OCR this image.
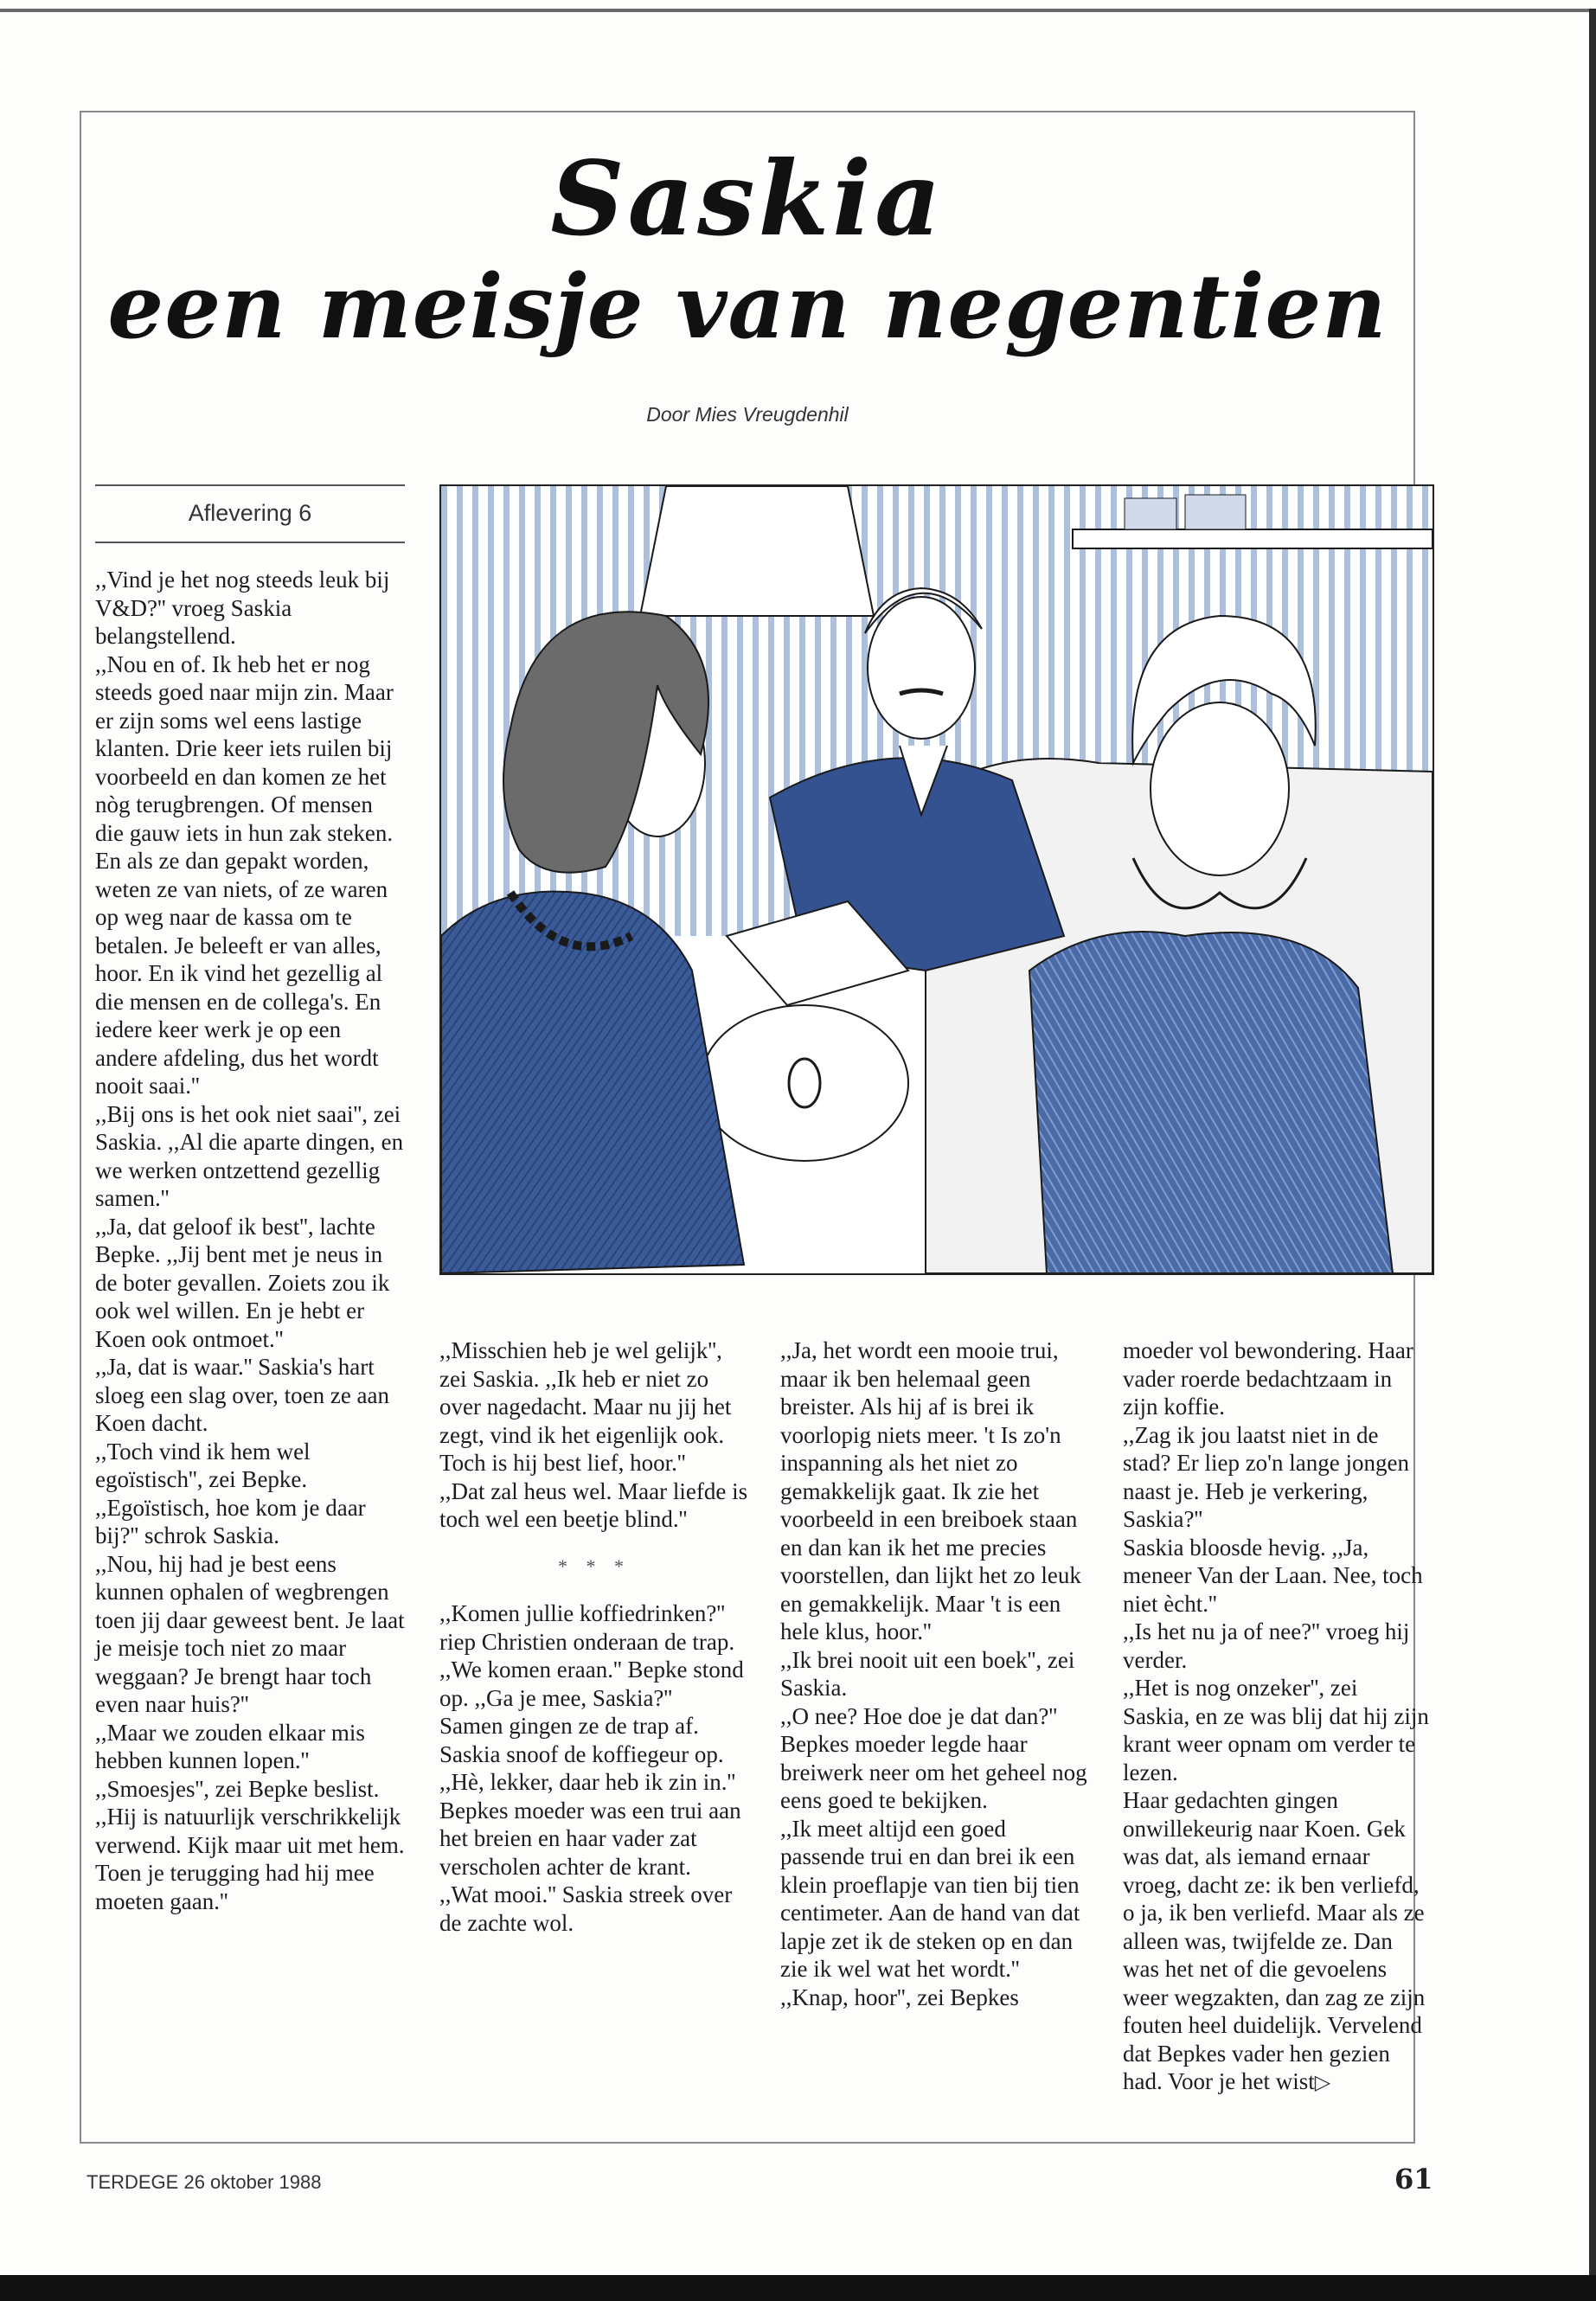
Saskia
een meisje van negentien
Door Mies Vreugdenhil
Aflevering 6

,,Vind je het nog steeds leuk bij V&D?'' vroeg Saskia belangstellend.

,,Nou en of. Ik heb het er nog steeds goed naar mijn zin. Maar er zijn soms wel eens lastige klanten. Drie keer iets ruilen bij voorbeeld en dan komen ze het nòg terugbrengen. Of mensen die gauw iets in hun zak steken. En als ze dan gepakt worden, weten ze van niets, of ze waren op weg naar de kassa om te betalen. Je beleeft er van alles, hoor. En ik vind het gezellig al die mensen en de collega's. En iedere keer werk je op een andere afdeling, dus het wordt nooit saai.''

,,Bij ons is het ook niet saai'', zei Saskia. ,,Al die aparte dingen, en we werken ontzettend gezellig samen.''

,,Ja, dat geloof ik best'', lachte Bepke. ,,Jij bent met je neus in de boter gevallen. Zoiets zou ik ook wel willen. En je hebt er Koen ook ontmoet.''

,,Ja, dat is waar.'' Saskia's hart sloeg een slag over, toen ze aan Koen dacht.

,,Toch vind ik hem wel egoïstisch'', zei Bepke.

,,Egoïstisch, hoe kom je daar bij?'' schrok Saskia.

,,Nou, hij had je best eens kunnen ophalen of wegbrengen toen jij daar geweest bent. Je laat je meisje toch niet zo maar weggaan? Je brengt haar toch even naar huis?''

,,Maar we zouden elkaar mis hebben kunnen lopen.''

,,Smoesjes'', zei Bepke beslist. ,,Hij is natuurlijk verschrikkelijk verwend. Kijk maar uit met hem. Toen je terugging had hij mee moeten gaan.''

,,Misschien heb je wel gelijk'', zei Saskia. ,,Ik heb er niet zo over nagedacht. Maar nu jij het zegt, vind ik het eigenlijk ook. Toch is hij best lief, hoor.''

,,Dat zal heus wel. Maar liefde is toch wel een beetje blind.''

* * *

,,Komen jullie koffiedrinken?'' riep Christien onderaan de trap.

,,We komen eraan.'' Bepke stond op. ,,Ga je mee, Saskia?''

Samen gingen ze de trap af. Saskia snoof de koffiegeur op. ,,Hè, lekker, daar heb ik zin in.''

Bepkes moeder was een trui aan het breien en haar vader zat verscholen achter de krant.

,,Wat mooi.'' Saskia streek over de zachte wol.

,,Ja, het wordt een mooie trui, maar ik ben helemaal geen breister. Als hij af is brei ik voorlopig niets meer. 't Is zo'n inspanning als het niet zo gemakkelijk gaat. Ik zie het voorbeeld in een breiboek staan en dan kan ik het me precies voorstellen, dan lijkt het zo leuk en gemakkelijk. Maar 't is een hele klus, hoor.''

,,Ik brei nooit uit een boek'', zei Saskia.

,,O nee? Hoe doe je dat dan?''

Bepkes moeder legde haar breiwerk neer om het geheel nog eens goed te bekijken.

,,Ik meet altijd een goed passende trui en dan brei ik een klein proeflapje van tien bij tien centimeter. Aan de hand van dat lapje zet ik de steken op en dan zie ik wel wat het wordt.''

,,Knap, hoor'', zei Bepkes

moeder vol bewondering. Haar vader roerde bedachtzaam in zijn koffie.

,,Zag ik jou laatst niet in de stad? Er liep zo'n lange jongen naast je. Heb je verkering, Saskia?''

Saskia bloosde hevig. ,,Ja, meneer Van der Laan. Nee, toch niet ècht.''

,,Is het nu ja of nee?'' vroeg hij verder.

,,Het is nog onzeker'', zei Saskia, en ze was blij dat hij zijn krant weer opnam om verder te lezen.

Haar gedachten gingen onwillekeurig naar Koen. Gek was dat, als iemand ernaar vroeg, dacht ze: ik ben verliefd, o ja, ik ben verliefd. Maar als ze alleen was, twijfelde ze. Dan was het net of die gevoelens weer wegzakten, dan zag ze zijn fouten heel duidelijk. Vervelend dat Bepkes vader hen gezien had. Voor je het wist▷

TERDEGE 26 oktober 1988	61
